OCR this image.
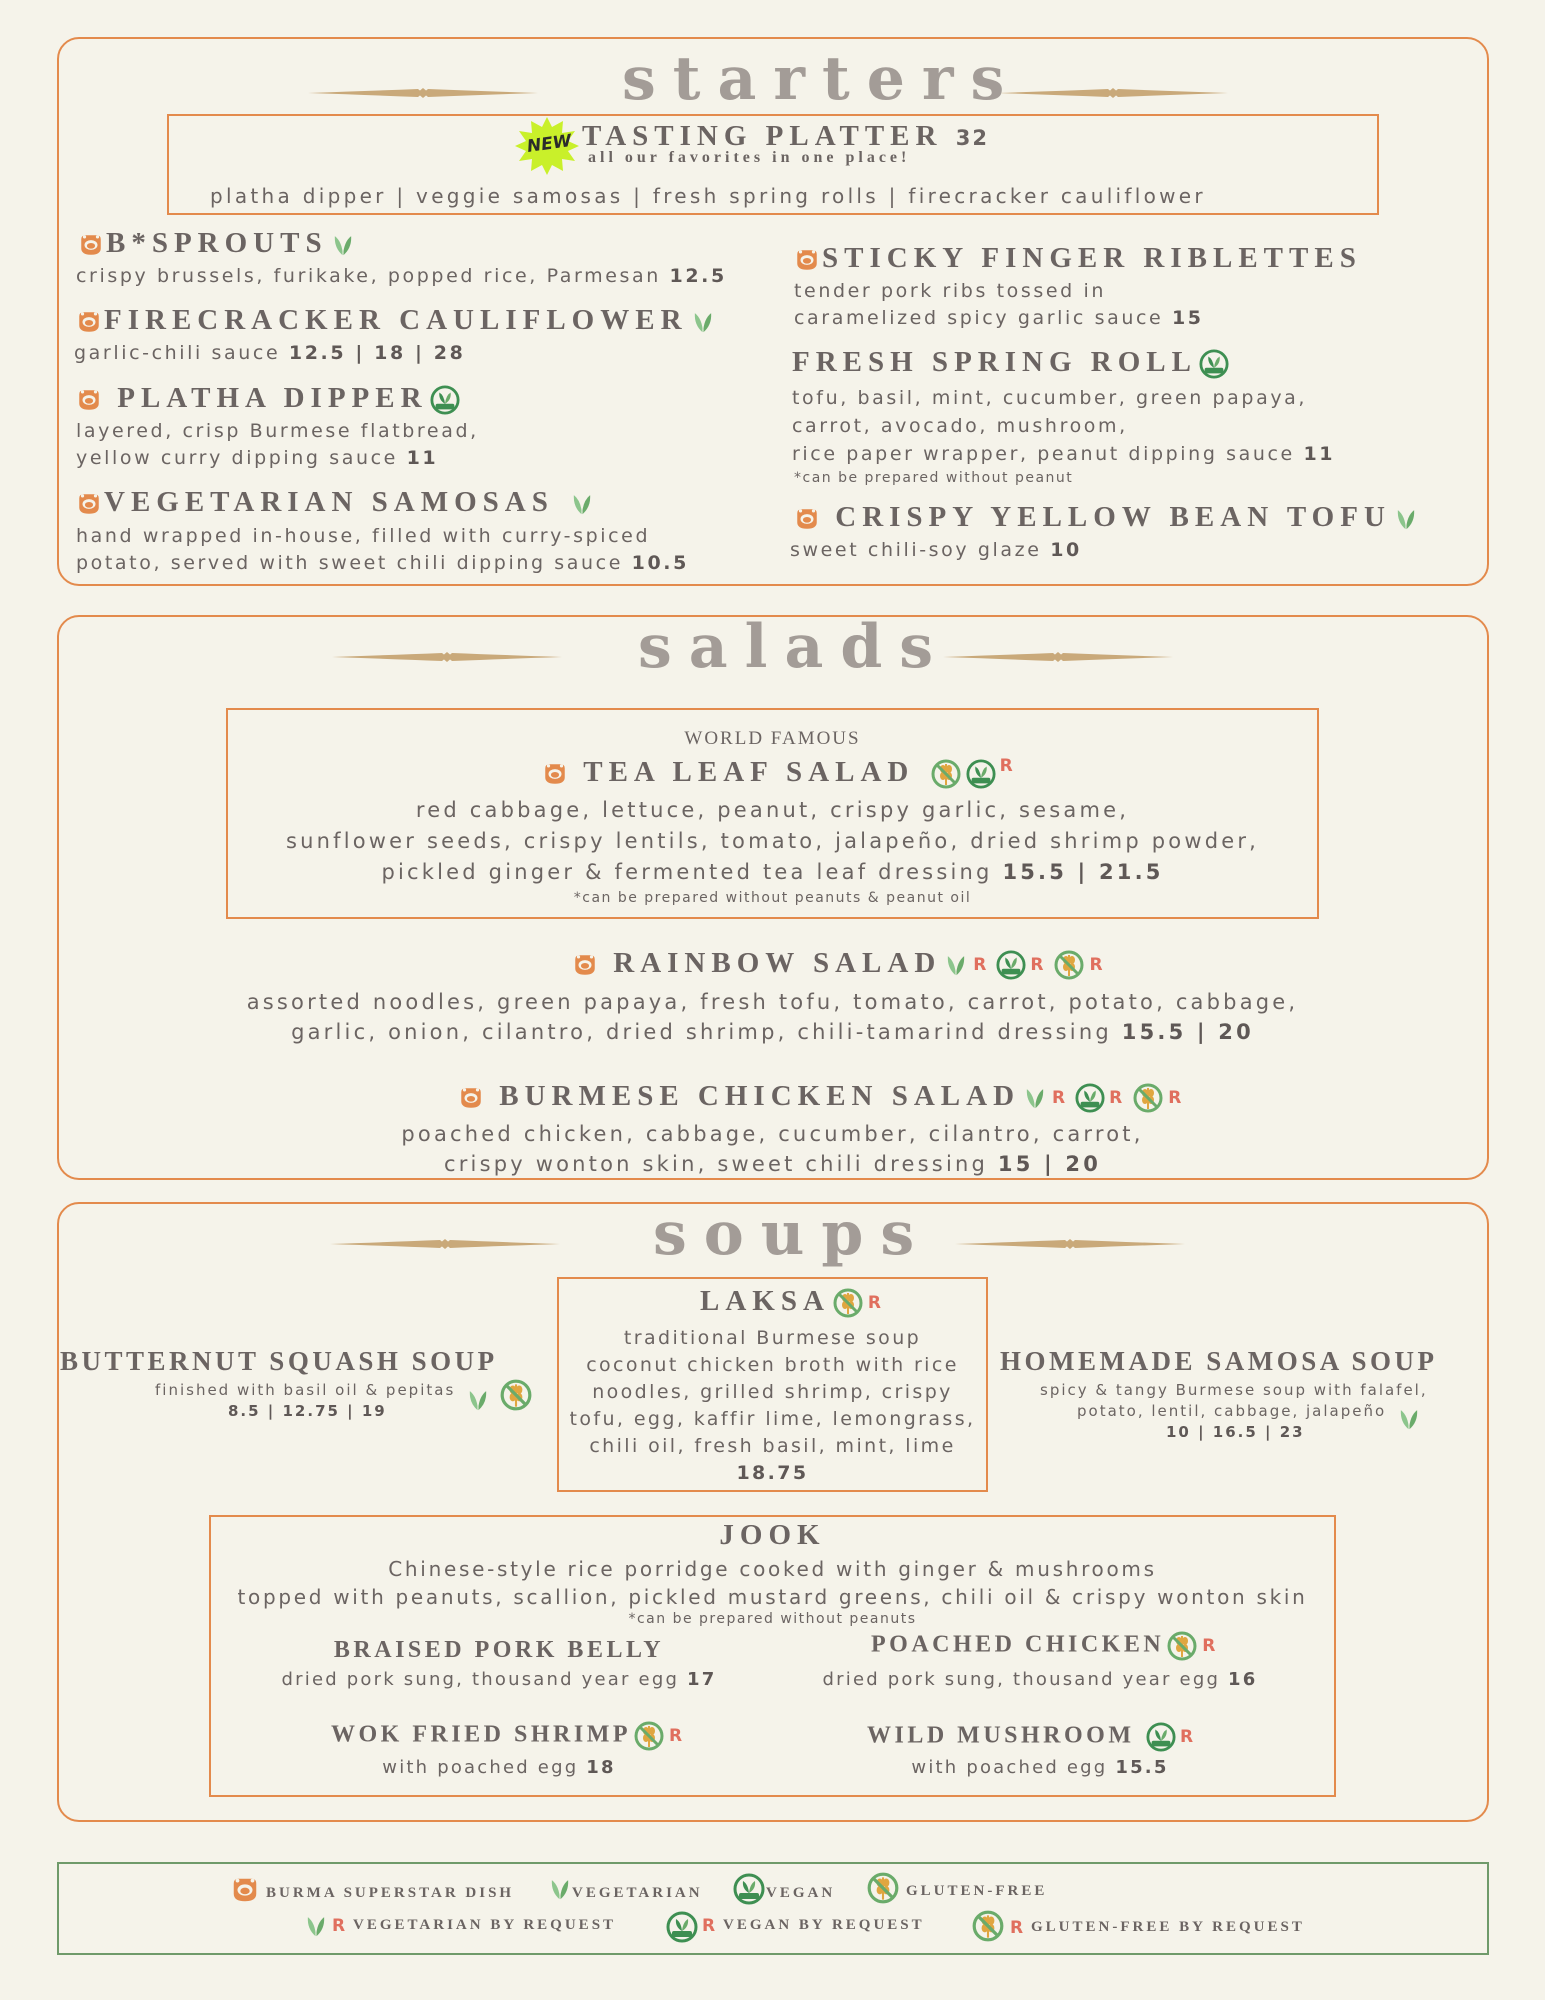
starters
NEW TASTING PLATTER 32
all our favorites in one place!
platha dipper | veggie samosas | fresh spring rolls | firecracker cauliflower
B*SPROUTS
crispy brussels, furikake, popped rice, Parmesan 12.5
FIRECRACKER CAULIFLOWER
garlic-chili sauce 12.5 | 18 | 28
PLATHA DIPPER
layered, crisp Burmese flatbread,
yellow curry dipping sauce 11
VEGETARIAN SAMOSAS
hand wrapped in-house, filled with curry-spiced
potato, served with sweet chili dipping sauce 10.5
STICKY FINGER RIBLETTES
tender pork ribs tossed in
caramelized spicy garlic sauce 15
FRESH SPRING ROLL
tofu, basil, mint, cucumber, green papaya,
carrot, avocado, mushroom,
rice paper wrapper, peanut dipping sauce 11
*can be prepared without peanut
CRISPY YELLOW BEAN TOFU
sweet chili-soy glaze 10
salads
WORLD FAMOUS
TEA LEAF SALAD	R
red cabbage, lettuce, peanut, crispy garlic, sesame,
sunflower seeds, crispy lentils, tomato, jalapeño, dried shrimp powder,
pickled ginger & fermented tea leaf dressing 15.5 | 21.5
*can be prepared without peanuts & peanut oil
RAINBOW SALAD R R R
assorted noodles, green papaya, fresh tofu, tomato, carrot, potato, cabbage,
garlic, onion, cilantro, dried shrimp, chili-tamarind dressing 15.5 | 20
BURMESE CHICKEN SALAD R R R
poached chicken, cabbage, cucumber, cilantro, carrot,
crispy wonton skin, sweet chili dressing 15 | 20
soups
BUTTERNUT SQUASH SOUP
finished with basil oil & pepitas
8.5 | 12.75 | 19
LAKSA R
traditional Burmese soup
coconut chicken broth with rice
noodles, grilled shrimp, crispy
tofu, egg, kaffir lime, lemongrass,
chili oil, fresh basil, mint, lime
18.75
HOMEMADE SAMOSA SOUP
spicy & tangy Burmese soup with falafel,
potato, lentil, cabbage, jalapeño
10 | 16.5 | 23
JOOK
Chinese-style rice porridge cooked with ginger & mushrooms
topped with peanuts, scallion, pickled mustard greens, chili oil & crispy wonton skin
*can be prepared without peanuts
BRAISED PORK BELLY
dried pork sung, thousand year egg 17
POACHED CHICKEN R
dried pork sung, thousand year egg 16
WOK FRIED SHRIMP R
with poached egg 18
WILD MUSHROOM	R
with poached egg 15.5
BURMA SUPERSTAR DISH	VEGETARIAN	VEGAN	GLUTEN-FREE
R VEGETARIAN BY REQUEST	R VEGAN BY REQUEST	R GLUTEN-FREE BY REQUEST
